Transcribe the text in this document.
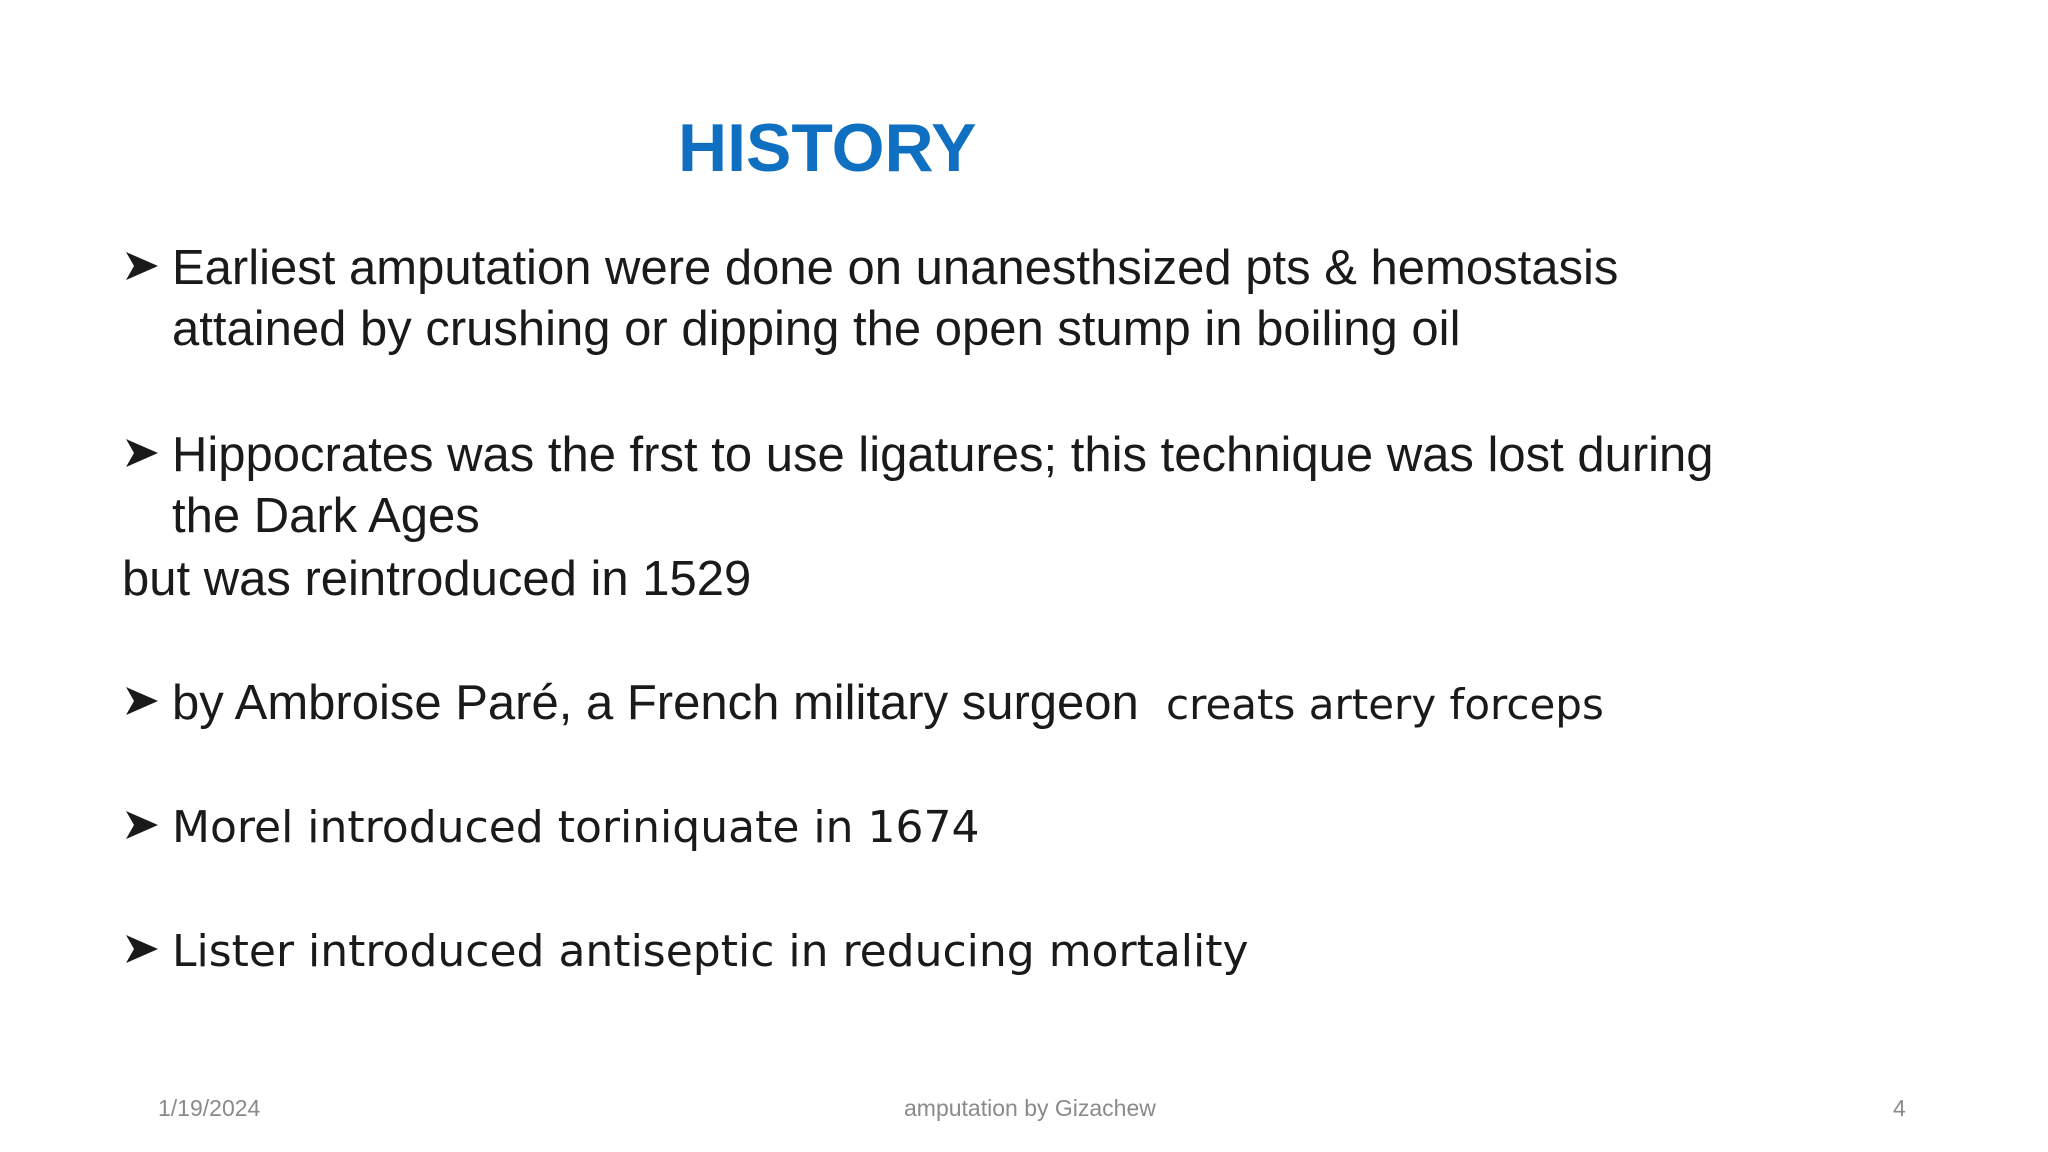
HISTORY
Earliest amputation were done on unanesthsized pts & hemostasis
attained by crushing or dipping the open stump in boiling oil
Hippocrates was the frst to use ligatures; this technique was lost during
the Dark Ages
but was reintroduced in 1529
by Ambroise Paré, a French military surgeon creats artery forceps
Morel introduced toriniquate in 1674
Lister introduced antiseptic in reducing mortality
1/19/2024	amputation by Gizachew	4
